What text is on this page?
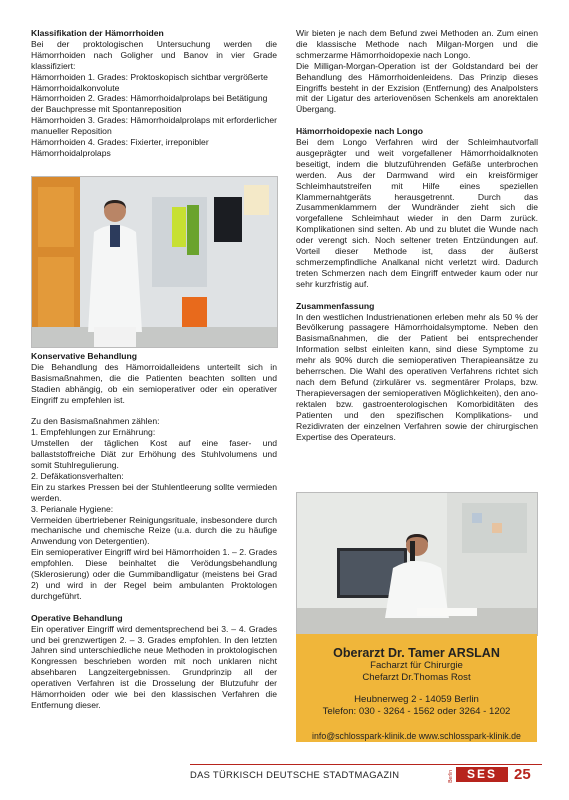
Klassifikation der Hämorrhoiden

Bei der proktologischen Untersuchung werden die Hämorrhoiden nach Goligher und Banov in vier Grade klassifiziert:

Hämorrhoiden 1. Grades: Proktoskopisch sichtbar vergrößerte Hämorrhoidalkonvolute

Hämorrhoiden 2. Grades: Hämorrhoidalprolaps bei Betätigung der Bauchpresse mit Spontanreposition

Hämorrhoiden 3. Grades: Hämorrhoidalprolaps mit erforderlicher manueller Reposition

Hämorrhoiden 4. Grades: Fixierter, irreponibler Hämorrhoidalprolaps

Konservative Behandlung

Die Behandlung des Hämorroidalleidens unterteilt sich in Basismaßnahmen, die die Patienten beachten sollten und Stadien abhängig, ob ein semioperativer oder ein operativer Eingriff zu empfehlen ist.

Zu den Basismaßnahmen zählen:

1. Empfehlungen zur Ernährung:

Umstellen der täglichen Kost auf eine faser- und ballaststoffreiche Diät zur Erhöhung des Stuhlvolumens und somit Stuhlregulierung.

2. Defäkationsverhalten:

Ein zu starkes Pressen bei der Stuhlentleerung sollte vermieden werden.

3. Perianale Hygiene:

Vermeiden übertriebener Reinigungsrituale, insbesondere durch mechanische und chemische Reize (u.a. durch die zu häufige Anwendung von Detergentien).

Ein semioperativer Eingriff wird bei Hämorrhoiden 1. – 2. Grades empfohlen. Diese beinhaltet die Verödungsbehandlung (Sklerosierung) oder die Gummibandligatur (meistens bei Grad 2) und wird in der Regel beim ambulanten Proktologen durchgeführt.

Operative Behandlung

Ein operativer Eingriff wird dementsprechend bei 3. – 4. Grades und bei grenzwertigen 2. – 3. Grades empfohlen. In den letzten Jahren sind unterschiedliche neue Methoden in proktologischen Kongressen beschrieben worden mit noch unklaren nicht absehbaren Langzeitergebnissen. Grundprinzip all der operativen Verfahren ist die Drosselung der Blutzufuhr der Hämorrhoiden oder wie bei den klassischen Verfahren die Entfernung dieser.

Wir bieten je nach dem Befund zwei Methoden an. Zum einen die klassische Methode nach Milgan-Morgen und die schmerzarme Hämorrhoidopexie nach Longo.

Die Milligan-Morgan-Operation ist der Goldstandard bei der Behandlung des Hämorrhoidenleidens. Das Prinzip dieses Eingriffs besteht in der Exzision (Entfernung) des Analpolsters mit der Ligatur des arteriovenösen Schenkels am anorektalen Übergang.

Hämorrhoidopexie nach Longo

Bei dem Longo Verfahren wird der Schleimhautvorfall ausgeprägter und weit vorgefallener Hämorrhoidalknoten beseitigt, indem die blutzuführenden Gefäße unterbrochen werden. Aus der Darmwand wird ein kreisförmiger Schleimhautstreifen mit Hilfe eines speziellen Klammernahtgeräts herausgetrennt. Durch das Zusammenklammern der Wundränder zieht sich die vorgefallene Schleimhaut wieder in den Darm zurück. Komplikationen sind selten. Ab und zu blutet die Wunde nach oder verengt sich. Noch seltener treten Entzündungen auf. Vorteil dieser Methode ist, dass der äußerst schmerzempfindliche Analkanal nicht verletzt wird. Dadurch treten Schmerzen nach dem Eingriff entweder kaum oder nur sehr kurzfristig auf.

Zusammenfassung

In den westlichen Industrienationen erleben mehr als 50 % der Bevölkerung passagere Hämorrhoidalsymptome. Neben den Basismaßnahmen, die der Patient bei entsprechender Information selbst einleiten kann, sind diese Symptome zu mehr als 90% durch die semioperativen Therapieansätze zu beherrschen. Die Wahl des operativen Verfahrens richtet sich nach dem Befund (zirkulärer vs. segmentärer Prolaps, bzw. Therapieversagen der semioperativen Möglichkeiten), den ano-rektalen bzw. gastroenterologischen Komorbiditäten des Patienten und den spezifischen Komplikations- und Rezidivraten der einzelnen Verfahren sowie der chirurgischen Expertise des Operateurs.

Oberarzt Dr. Tamer ARSLAN
Facharzt für Chirurgie
Chefarzt Dr.Thomas Rost
Heubnerweg 2 - 14059 Berlin
Telefon: 030 - 3264 - 1562 oder 3264 - 1202
info@schlosspark-klinik.de www.schlosspark-klinik.de
DAS TÜRKISCH DEUTSCHE STADTMAGAZIN	Berlin	SES	25
